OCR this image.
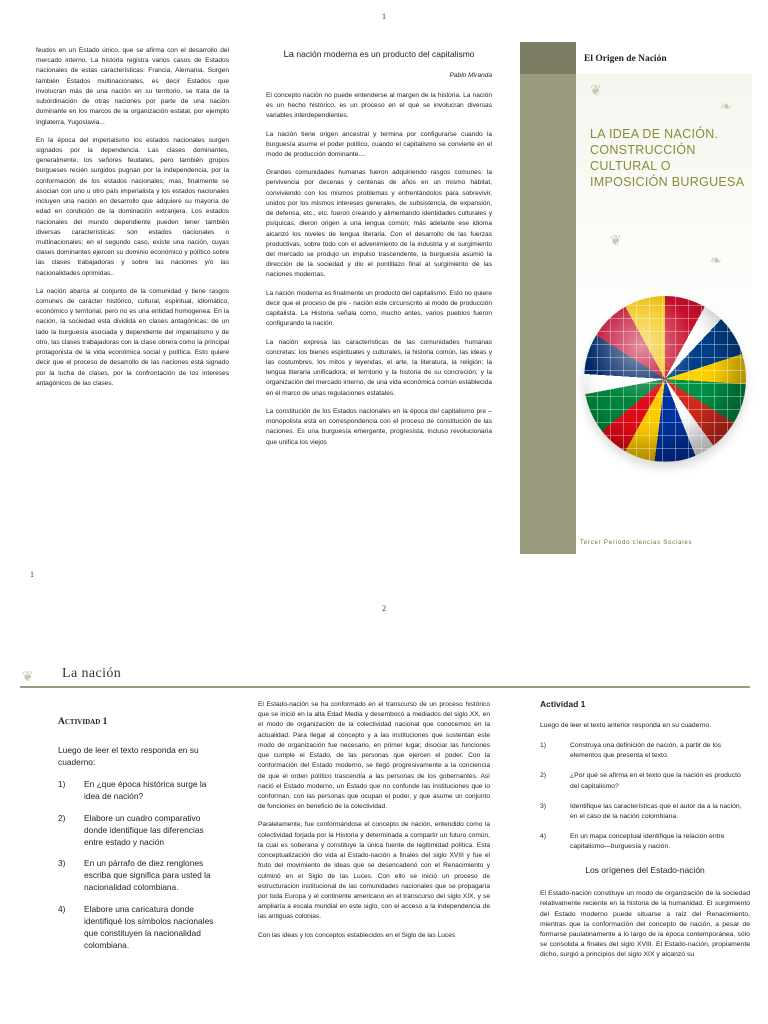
1

feudos en un Estado único, que se afirma con el desarrollo del mercado interno. La historia registra varios casos de Estados nacionales de estas características: Francia, Alemania. Surgen también Estados multinacionales, es decir Estados que involucran más de una nación en su territorio, se trata de la subordinación de otras naciones por parte de una nación dominante en los marcos de la organización estatal, por ejemplo Inglaterra, Yugoslavia...

En la época del imperialismo los estados nacionales surgen signados por la dependencia. Las clases dominantes, generalmente, los señores feudales, pero también grupos burgueses recién surgidos pugnan por la independencia, por la conformación de los estados nacionales; mas, finalmente se asocian con uno u otro país imperialista y los estados nacionales incluyen una nación en desarrollo que adquiere su mayoría de edad en condición de la dominación extranjera. Los estados nacionales del mundo dependiente pueden tener también diversas características: son estados nacionales o multinacionales; en el segundo caso, existe una nación, cuyas clases dominantes ejercen su dominio económico y político sobre las clases trabajadoras y sobre las naciones y/o las nacionalidades oprimidas..

La nación abarca al conjunto de la comunidad y tiene rasgos comunes de carácter histórico, cultural, espiritual, idiomático, económico y territorial, pero no es una entidad homogenea. En la nación, la sociedad está dividida en clases antagónicas: de un lado la burguesía asociada y dependiente del imperialismo y de otro, las clases trabajadoras con la clase obrera como la principal protagonista de la vida económica social y política. Esto quiere decir que el proceso de desarrollo de las naciones está signado por la lucha de clases, por la confrontación de los intereses antagónicos de las clases.

La nación moderna es un producto del capitalismo
Pablo Miranda

El concepto nación no puede entenderse al margen de la historia. La nación es un hecho histórico, es un proceso en el que se involucran diversas variables interdependientes.

La nación tiene origen ancestral y termina por configurarse cuando la burguesía asume el poder político, cuando el capitalismo se convierte en el modo de producción dominante....

Grandes comunidades humanas fueron adquiriendo rasgos comunes: la pervivencia por decenas y centenas de años en un mismo hábitat, conviviendo con los mismos problemas y enfrentándolos para sobrevivir, unidos por los mismos intereses generales, de subsistencia, de expansión, de defensa, etc., etc. fueron creando y alimentando identidades culturales y psíquicas, dieron origen a una lengua común; más adelante ese idioma alcanzó los niveles de lengua literaria. Con el desarrollo de las fuerzas productivas, sobre todo con el advenimiento de la industria y el surgimiento del mercado se produjo un impulso trascendente, la burguesía asumió la dirección de la sociedad y dio el pontillazo final al surgimiento de las naciones modernas.

La nación moderna es finalmente un producto del capitalismo. Esto no quiere decir que el proceso de pre - nación este circunscrito al modo de producción capitalista. La Historia señala como, mucho antes, varios pueblos fueron configurando la nación.

La nación expresa las características de las comunidades humanas concretas: los bienes espirituales y culturales, la historia común, las ideas y las costumbres, los mitos y leyendas, el arte, la literatura, la religión; la lengua literaria unificadora; el territorio y la historia de su concreción; y la organización del mercado interno, de una vida económica común establecida en el marco de unas regulaciones estatales.

La constitución de los Estados nacionales en la época del capitalismo pre – monopolista está en correspondencia con el proceso de constitución de las naciones. Es una burguesía emergente, progresista, incluso revolucionaria que unifica los viejos

El Origen de Nación
❦
❧
❦
❧
LA IDEA DE NACIÓN. CONSTRUCCIÓN CULTURAL O IMPOSICIÓN BURGUESA
Tercer Periodo ciencias Sociales
1
2
❦ La nación
Actividad 1
Luego de leer el texto responda en su cuaderno:
1)	En ¿que época histórica surge la idea de nación?
2)	Elabore un cuadro comparativo donde identifique las diferencias entre estado y nación
3)	En un párrafo de diez renglones escriba que significa para usted la nacionalidad colombiana.
4)	Elabore una caricatura donde identifiqué los símbolos nacionales que constituyen la nacionalidad colombiana.

El Estado-nación se ha conformado en el transcurso de un proceso histórico que se inició en la alta Edad Media y desembocó a mediados del siglo XX, en el modo de organización de la colectividad nacional que conocemos en la actualidad. Para llegar al concepto y a las instituciones que sustentan este modo de organización fue necesario, en primer lugar, disociar las funciones que cumple el Estado, de las personas que ejercen el poder. Con la conformación del Estado moderno, se llegó progresivamente a la conciencia de que el orden político trascendía a las personas de los gobernantes. Así nació el Estado moderno, un Estado que no confunde las instituciones que lo conforman, con las personas que ocupan el poder, y que asume un conjunto de funciones en beneficio de la colectividad.

Paralelamente, fue conformándose el concepto de nación, entendido como la colectividad forjada por la Historia y determinada a compartir un futuro común, la cual es soberana y constituye la única fuente de legitimidad política. Esta conceptualización dio vida al Estado-nación a finales del siglo XVIII y fue el fruto del movimiento de ideas que se desencadenó con el Renacimiento y culminó en el Siglo de las Luces. Con ello se inició un proceso de estructuración institucional de las comunidades nacionales que se propagaría por toda Europa y el continente americano en el transcurso del siglo XIX, y se ampliaría a escala mundial en este siglo, con el acceso a la independencia de las antiguas colonias.

Con las ideas y los conceptos establecidos en el Siglo de las Luces

Actividad 1
Luego de leer el texto anterior responda en su cuaderno.
1)	Construya una definición de nación, a partir de los elementos que presenta el texto.
2)	¿Por qué se afirma en el texto que la nación es producto del capitalismo?
3)	Identifique las características que el autor da a la nación, en el caso de la nación colombiana.
4)	En un mapa conceptual identifique la relación entre capitalismo—burguesía y nación.
Los orígenes del Estado-nación
El Estado-nación constituye un modo de organización de la sociedad relativamente reciente en la historia de la humanidad. El surgimiento del Estado moderno puede situarse a raíz del Renacimiento, mientras que la conformación del concepto de nación, a pesar de formarse paulatinamente a lo largo de la época contemporánea, sólo se consolida a finales del siglo XVIII. El Estado-nación, propiamente dicho, surgió a principios del siglo XIX y alcanzó su
